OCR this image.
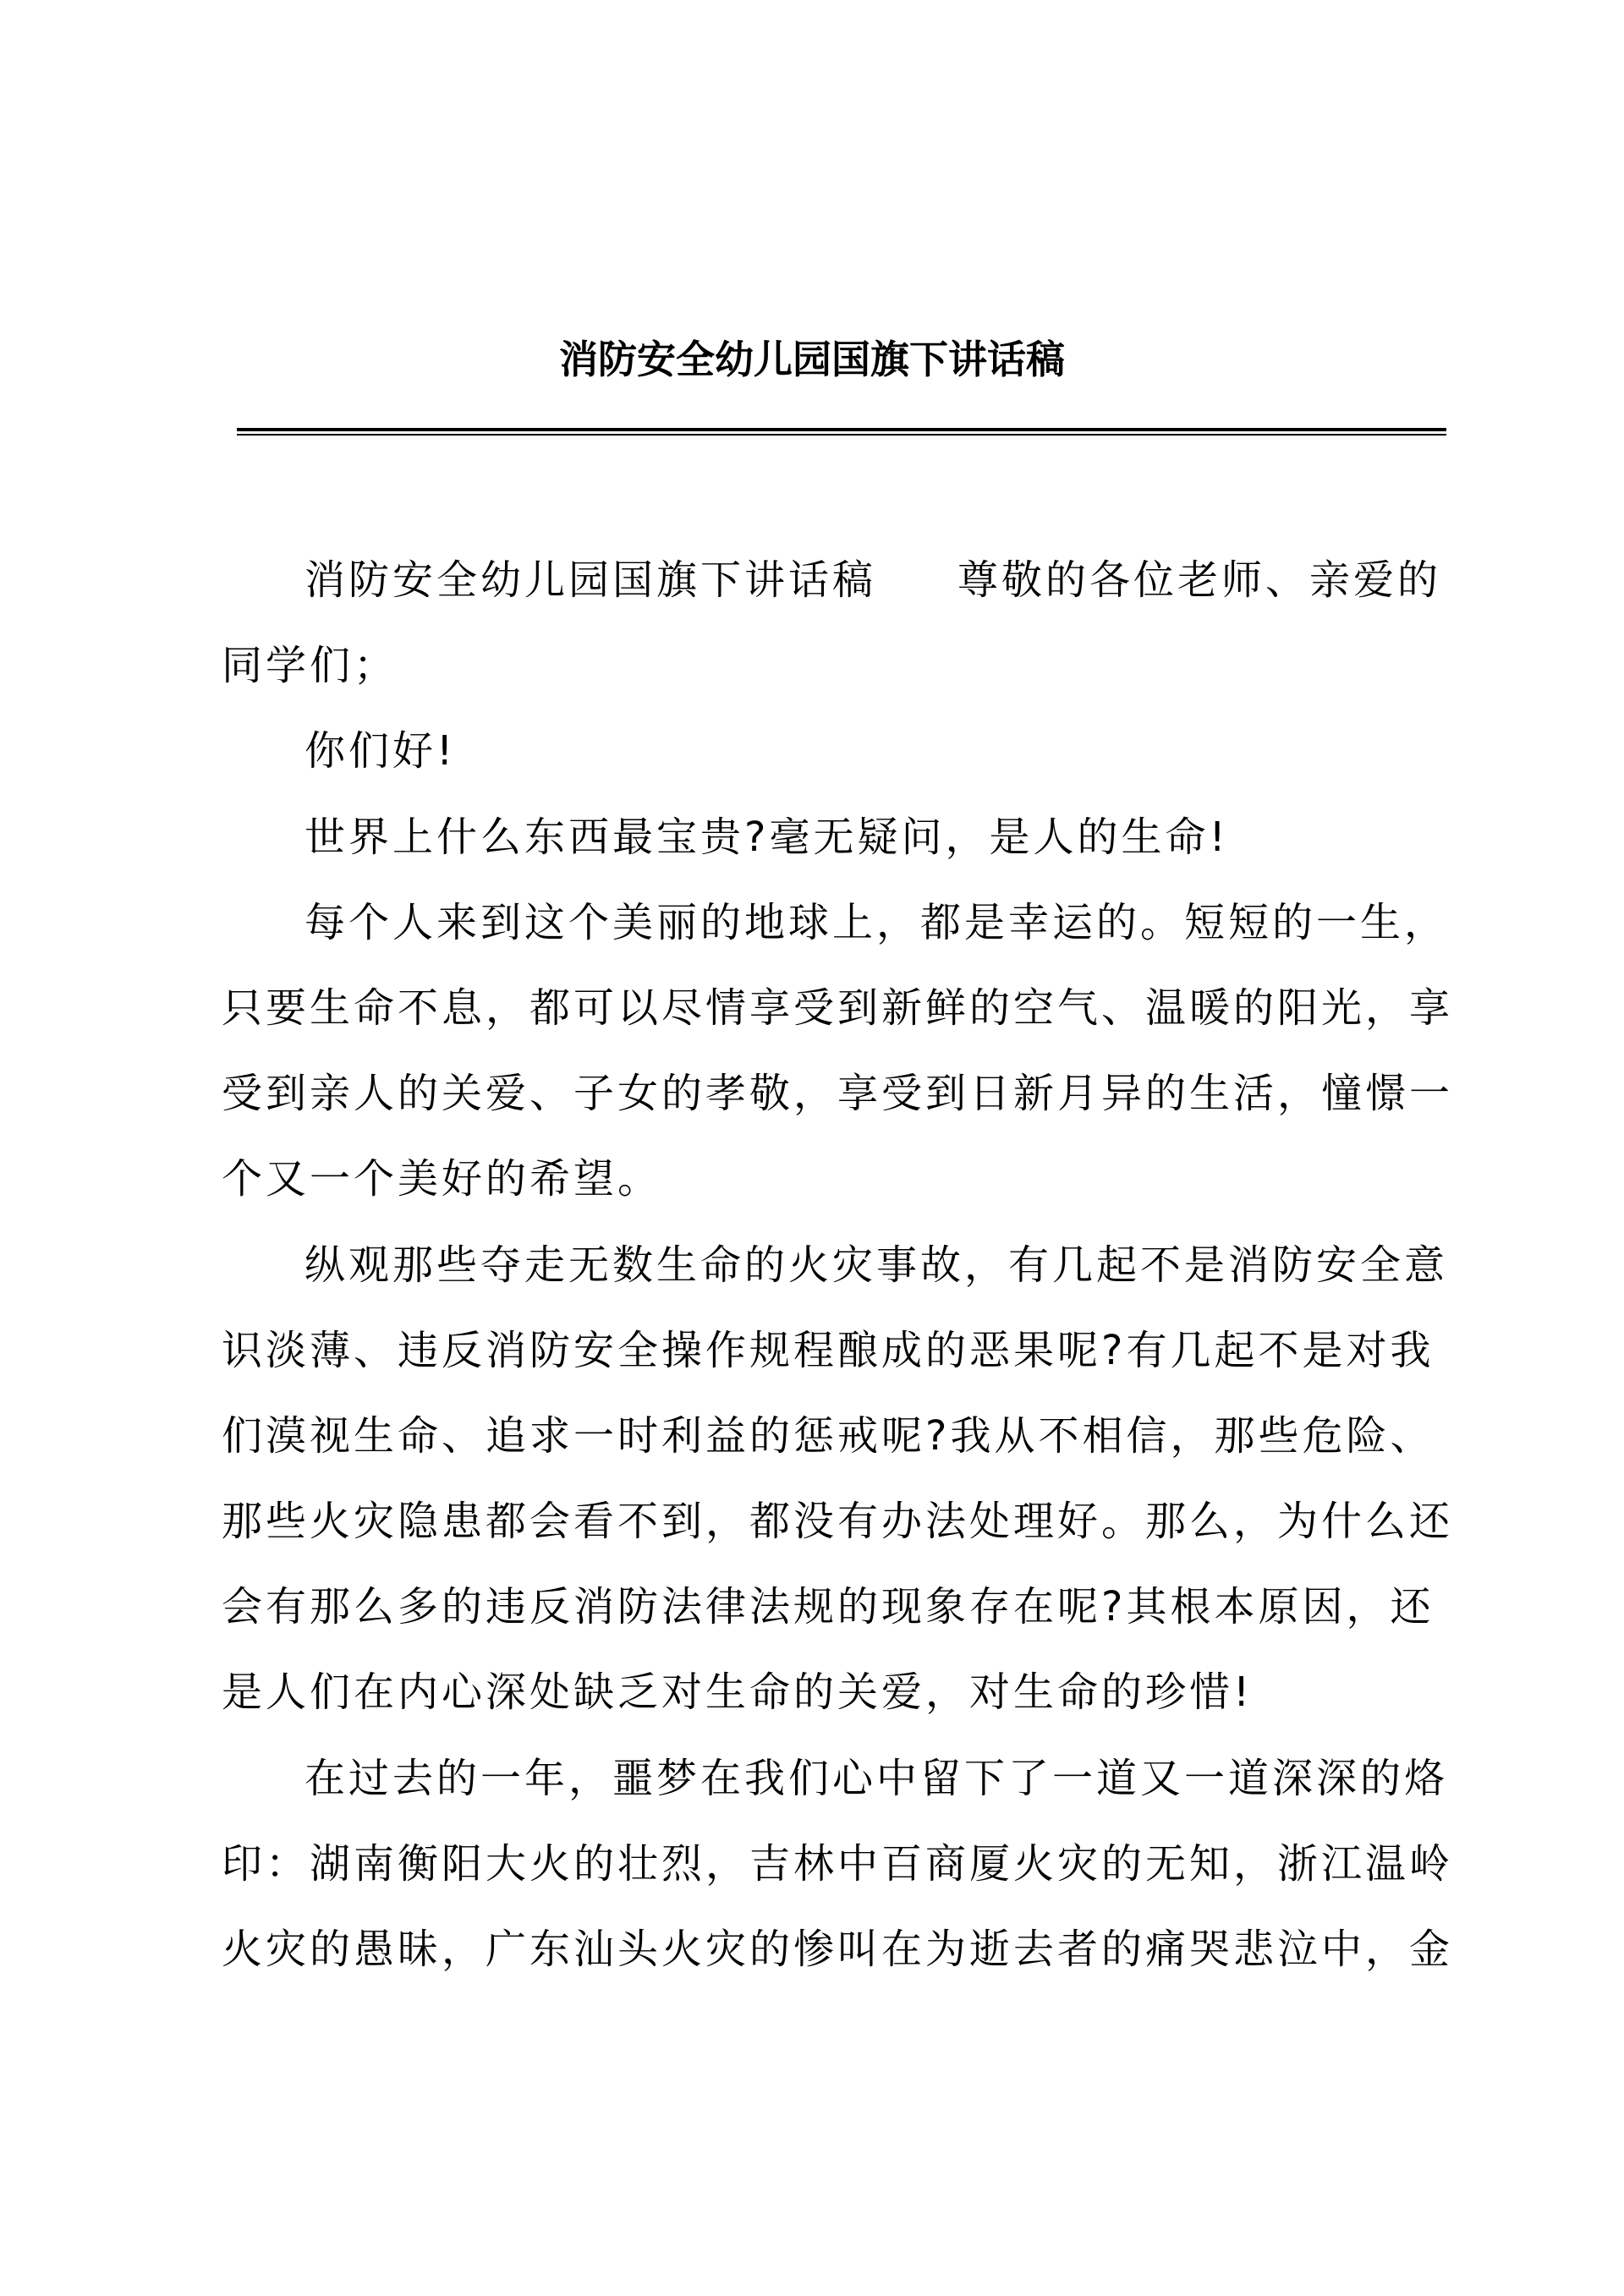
消防安全幼儿园国旗下讲话稿
消防安全幼儿园国旗下讲话稿 尊敬的各位老师、亲爱的
同学们；
你们好!
世界上什么东西最宝贵?毫无疑问，是人的生命!
每个人来到这个美丽的地球上，都是幸运的。短短的一生，
只要生命不息，都可以尽情享受到新鲜的空气、温暖的阳光，享
受到亲人的关爱、子女的孝敬，享受到日新月异的生活，憧憬一
个又一个美好的希望。
纵观那些夺走无数生命的火灾事故，有几起不是消防安全意
识淡薄、违反消防安全操作规程酿成的恶果呢?有几起不是对我
们漠视生命、追求一时利益的惩戒呢?我从不相信，那些危险、
那些火灾隐患都会看不到，都没有办法处理好。那么，为什么还
会有那么多的违反消防法律法规的现象存在呢?其根本原因，还
是人们在内心深处缺乏对生命的关爱，对生命的珍惜!
在过去的一年，噩梦在我们心中留下了一道又一道深深的烙
印：湖南衡阳大火的壮烈，吉林中百商厦火灾的无知，浙江温岭
火灾的愚昧，广东汕头火灾的惨叫在为逝去者的痛哭悲泣中，金
